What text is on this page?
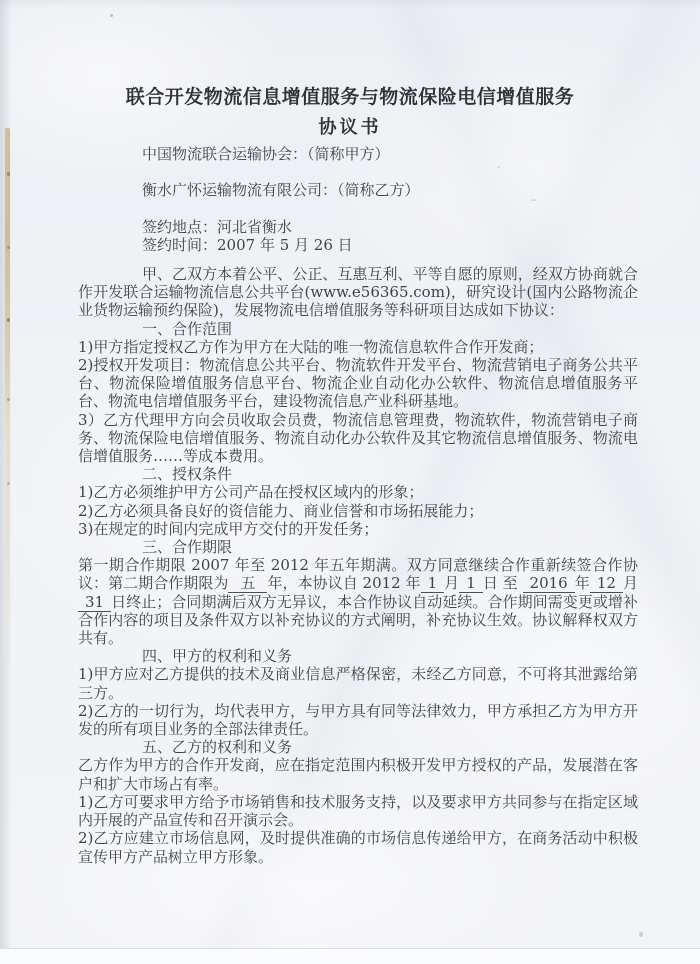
联合开发物流信息增值服务与物流保险电信增值服务
协议书
中国物流联合运输协会：（简称甲方）
衡水广怀运输物流有限公司：（简称乙方）
签约地点：河北省衡水
签约时间：2007 年 5 月 26 日

甲、乙双方本着公平、公正、互惠互利、平等自愿的原则，经双方协商就合作开发联合运输物流信息公共平台(www.e56365.com)，研究设计(国内公路物流企业货物运输预约保险)，发展物流电信增值服务等科研项目达成如下协议：

一、合作范围

1)甲方指定授权乙方作为甲方在大陆的唯一物流信息软件合作开发商；

2)授权开发项目：物流信息公共平台、物流软件开发平台、物流营销电子商务公共平台、物流保险增值服务信息平台、物流企业自动化办公软件、物流信息增值服务平台、物流电信增值服务平台，建设物流信息产业科研基地。

3）乙方代理甲方向会员收取会员费，物流信息管理费，物流软件，物流营销电子商务、物流保险电信增值服务、物流自动化办公软件及其它物流信息增值服务、物流电信增值服务……等成本费用。

二、授权条件

1)乙方必须维护甲方公司产品在授权区域内的形象；

2)乙方必须具备良好的资信能力、商业信誉和市场拓展能力；

3)在规定的时间内完成甲方交付的开发任务；

三、合作期限

第一期合作期限 2007 年至 2012 年五年期满。双方同意继续合作重新续签合作协议：第二期合作期限为 五 年，本协议自 2012 年 1 月 1 日 至 2016 年 12 月31 日终止；合同期满后双方无异议，本合作协议自动延续。合作期间需变更或增补合作内容的项目及条件双方以补充协议的方式阐明，补充协议生效。协议解释权双方共有。

四、甲方的权利和义务

1)甲方应对乙方提供的技术及商业信息严格保密，未经乙方同意，不可将其泄露给第三方。

2)乙方的一切行为，均代表甲方，与甲方具有同等法律效力，甲方承担乙方为甲方开发的所有项目业务的全部法律责任。

五、乙方的权利和义务

乙方作为甲方的合作开发商，应在指定范围内积极开发甲方授权的产品，发展潜在客户和扩大市场占有率。

1)乙方可要求甲方给予市场销售和技术服务支持，以及要求甲方共同参与在指定区域内开展的产品宣传和召开演示会。

2)乙方应建立市场信息网，及时提供准确的市场信息传递给甲方，在商务活动中积极宣传甲方产品树立甲方形象。
